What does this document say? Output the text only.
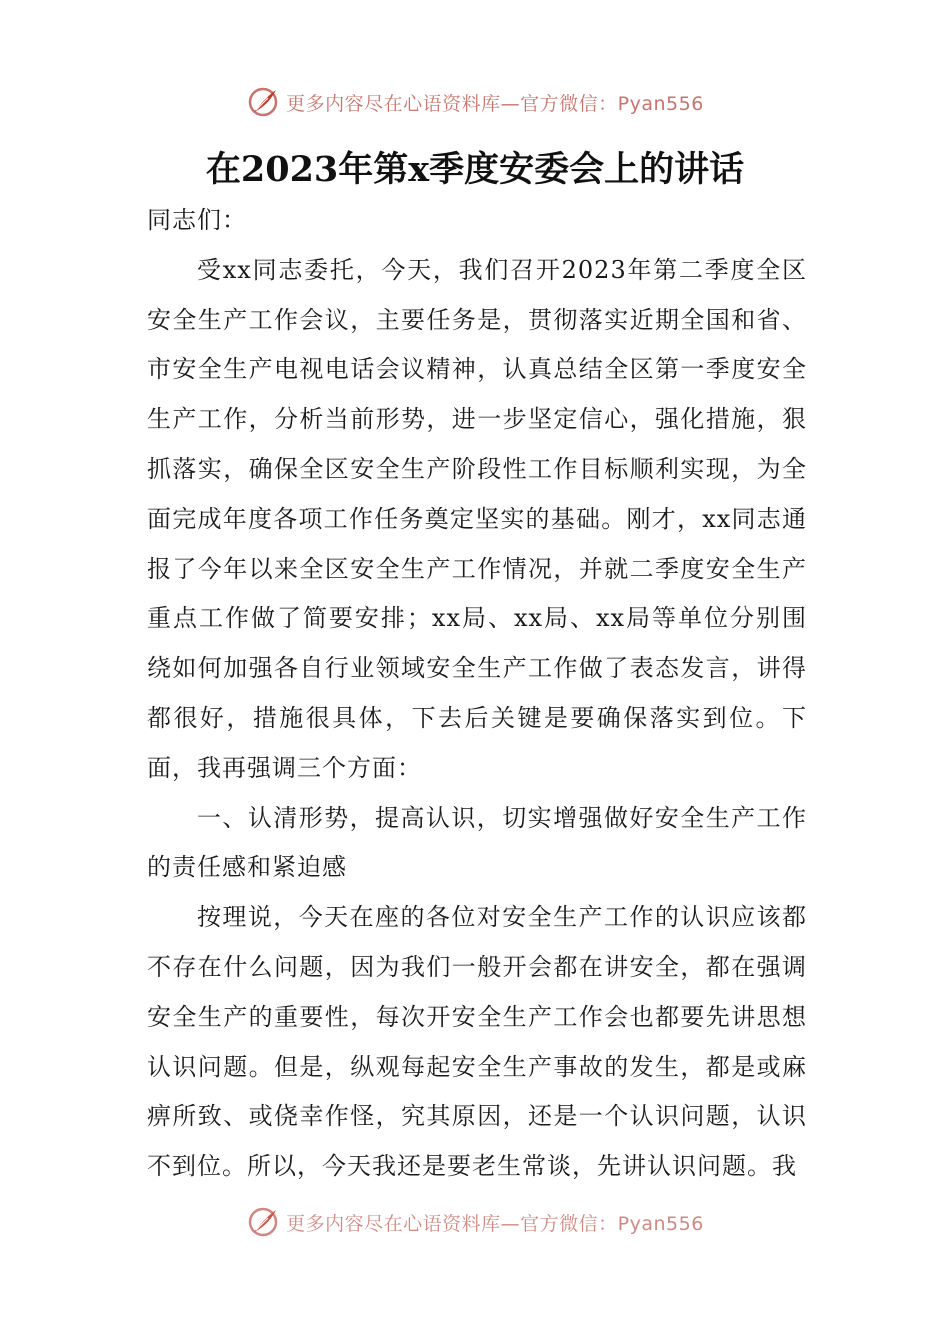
更多内容尽在心语资料库—官方微信：Pyan556
在2023年第x季度安委会上的讲话

同志们：

受xx同志委托，今天，我们召开2023年第二季度全区安全生产工作会议，主要任务是，贯彻落实近期全国和省、市安全生产电视电话会议精神，认真总结全区第一季度安全生产工作，分析当前形势，进一步坚定信心，强化措施，狠抓落实，确保全区安全生产阶段性工作目标顺利实现，为全面完成年度各项工作任务奠定坚实的基础。刚才，xx同志通报了今年以来全区安全生产工作情况，并就二季度安全生产重点工作做了简要安排；xx局、xx局、xx局等单位分别围绕如何加强各自行业领域安全生产工作做了表态发言，讲得都很好，措施很具体，下去后关键是要确保落实到位。下面，我再强调三个方面：

一、认清形势，提高认识，切实增强做好安全生产工作的责任感和紧迫感

按理说，今天在座的各位对安全生产工作的认识应该都不存在什么问题，因为我们一般开会都在讲安全，都在强调安全生产的重要性，每次开安全生产工作会也都要先讲思想认识问题。但是，纵观每起安全生产事故的发生，都是或麻痹所致、或侥幸作怪，究其原因，还是一个认识问题，认识不到位。所以，今天我还是要老生常谈，先讲认识问题。我

更多内容尽在心语资料库—官方微信：Pyan556
